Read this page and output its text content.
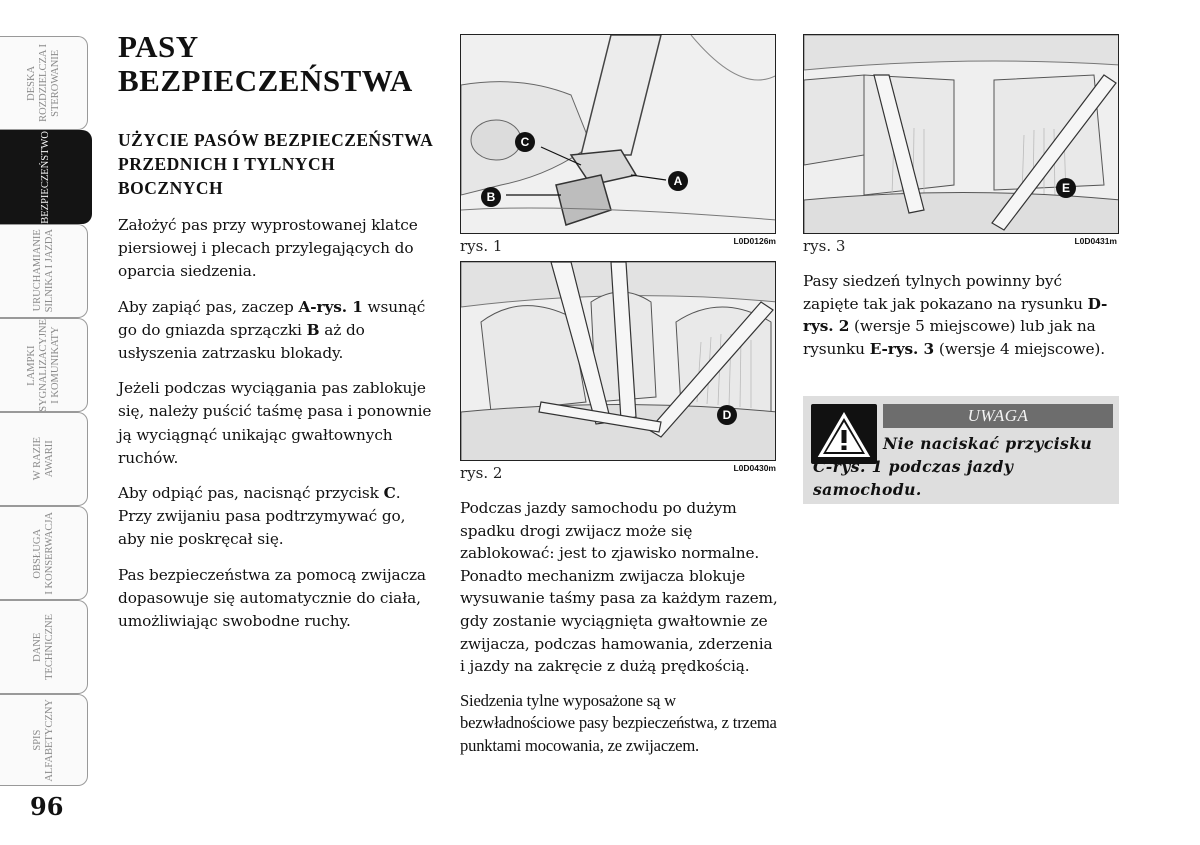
DESKA
ROZDZIELCZA I
STEROWANIE
BEZPIECZEŃSTWO
URUCHAMIANIE
SILNIKA I JAZDA
LAMPKI
SYGNALIZACYJNE
I KOMUNIKATY
W RAZIE
AWARII
OBSŁUGA
I KONSERWACJA
DANE
TECHNICZNE
SPIS
ALFABETYCZNY
96
PASY BEZPIECZEŃSTWA
UŻYCIE PASÓW BEZPIECZEŃSTWA PRZEDNICH I TYLNYCH BOCZNYCH

Założyć pas przy wyprostowanej klatce piersiowej i plecach przylegających do oparcia siedzenia.

Aby zapiąć pas, zaczep A-rys. 1 wsunąć go do gniazda sprzączki B aż do usłyszenia zatrzasku blokady.

Jeżeli podczas wyciągania pas zablokuje się, należy puścić taśmę pasa i ponownie ją wyciągnąć unikając gwałtownych ruchów.

Aby odpiąć pas, nacisnąć przycisk C. Przy zwijaniu pasa podtrzymywać go, aby nie poskręcał się.

Pas bezpieczeństwa za pomocą zwijacza dopasowuje się automatycznie do ciała, umożliwiając swobodne ruchy.

A
B
C
rys. 1	L0D0126m
D
rys. 2	L0D0430m

Podczas jazdy samochodu po dużym spadku drogi zwijacz może się zablokować: jest to zjawisko normalne. Ponadto mechanizm zwijacza blokuje wysuwanie taśmy pasa za każdym razem, gdy zostanie wyciągnięta gwałtownie ze zwijacza, podczas hamowania, zderzenia i jazdy na zakręcie z dużą prędkością.

Siedzenia tylne wyposażone są w bezwładnościowe pasy bezpieczeństwa, z trzema punktami mocowania, ze zwijaczem.

E
rys. 3	L0D0431m

Pasy siedzeń tylnych powinny być zapięte tak jak pokazano na rysunku D-rys. 2 (wersje 5 miejscowe) lub jak na rysunku E-rys. 3 (wersje 4 miejscowe).

UWAGA
Nie naciskać przycisku C-rys. 1 podczas jazdy samochodu.
